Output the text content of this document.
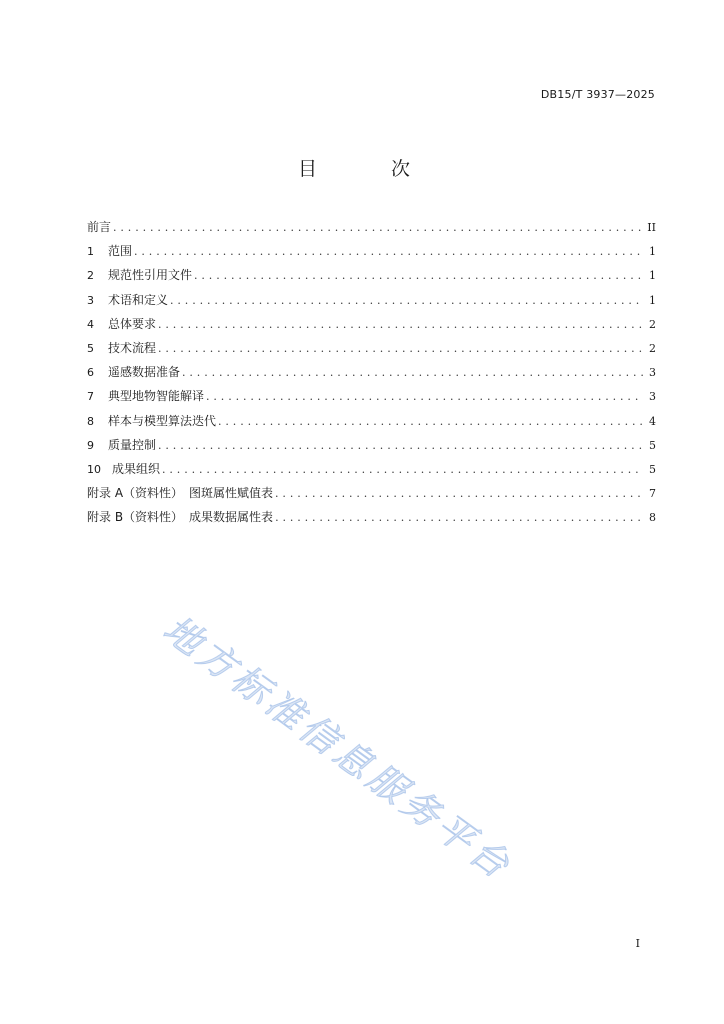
DB15/T 3937—2025
目 次
前言 . . .	II
1	范围 . . .	1
2	规范性引用文件 . . .	1
3	术语和定义 . . .	1
4	总体要求 . . .	2
5	技术流程 . . .	2
6	遥感数据准备 . . .	3
7	典型地物智能解译 . . .	3
8	样本与模型算法迭代 . . .	4
9	质量控制 . . .	5
10 成果组织 . . .	5
附录 A（资料性）　图斑属性赋值表 . . .	7
附录 B（资料性）　成果数据属性表 . . .	8
地方标准信息服务平台
I
